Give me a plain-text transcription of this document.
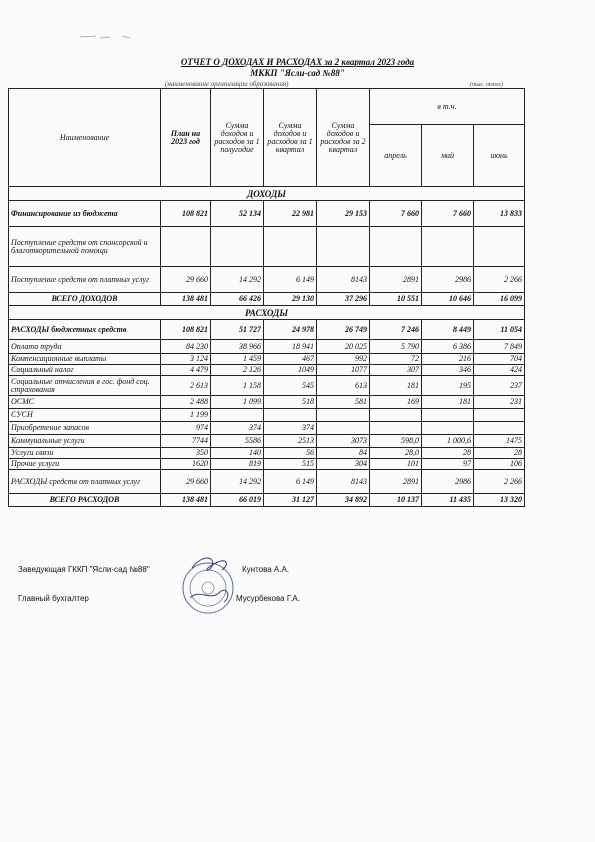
ОТЧЕТ О ДОХОДАХ И РАСХОДАХ за 2 квартал 2023 года
МККП "Ясли-сад №88"
(наименование организации образования)	(тыс. тенге)
Наименование	План на 2023 год	Сумма доходов и расходов за 1 полугодие	Сумма доходов и расходов за 1 квартал	Сумма доходов и расходов за 2 квартал	в т.ч.		
					апрель	май	июнь
ДОХОДЫ							
Финансирование из бюджета	108 821	52 134	22 981	29 153	7 660	7 660	13 833
Поступление средств от спонсорской и благотворительной помощи							
Поступление средств от платных услуг	29 660	14 292	6 149	8143	2891	2986	2 266
ВСЕГО ДОХОДОВ	138 481	66 426	29 130	37 296	10 551	10 646	16 099
РАСХОДЫ							
РАСХОДЫ бюджетных средств	108 821	51 727	24 978	26 749	7 246	8 449	11 054
Оплата труда	84 230	38 966	18 941	20 025	5 790	6 386	7 849
Компенсационные выплаты	3 124	1 459	467	992	72	216	704
Социальный налог	4 479	2 126	1049	1077	307	346	424
Социальные отчисления в гос. фонд соц. страхования	2 613	1 158	545	613	181	195	237
ОСМС	2 488	1 099	518	581	169	181	231
СУСН	1 199						
Приобретение запасов	974	374	374				
Коммунальные услуги	7744	5586	2513	3073	598,0	1 000,6	1475
Услуги связи	350	140	56	84	28,0	28	28
Прочие услуги	1620	819	515	304	101	97	106
РАСХОДЫ средств от платных услуг	29 660	14 292	6 149	8143	2891	2986	2 266
ВСЕГО РАСХОДОВ	138 481	66 019	31 127	34 892	10 137	11 435	13 320
Заведующая ГККП "Ясли-сад №88"	Кунтова А.А.
Главный бухгалтер	Мусурбекова Г.А.
